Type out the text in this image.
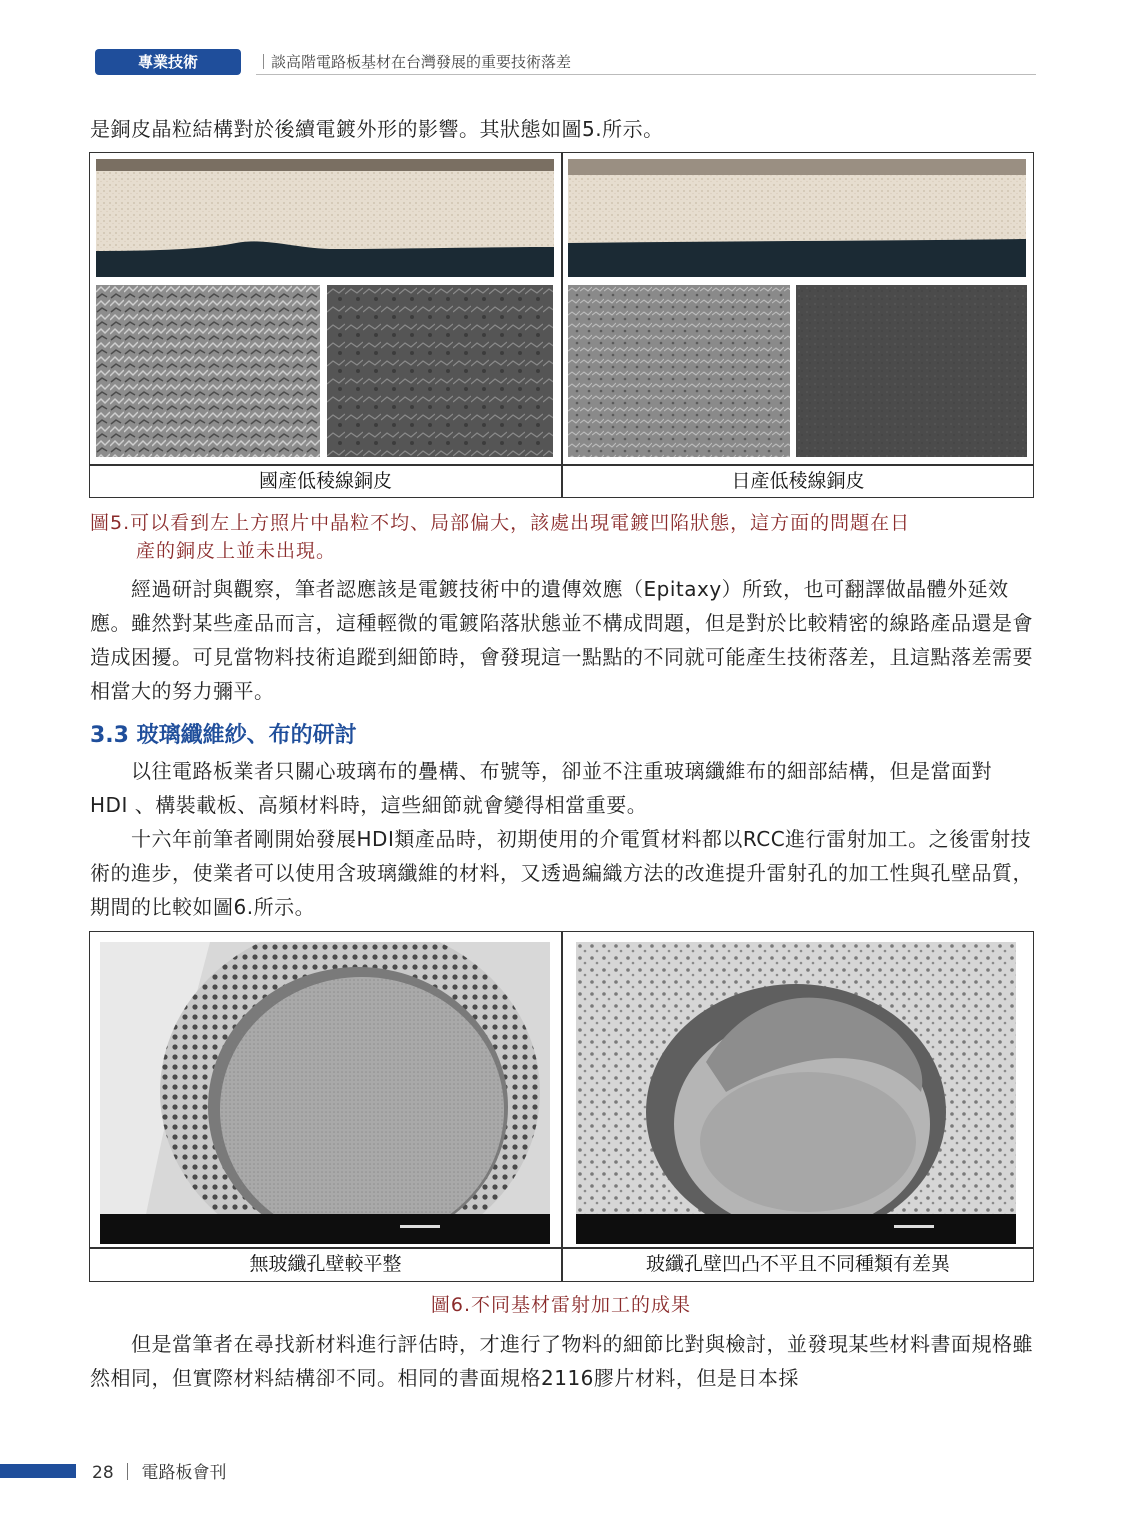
專業技術	｜談高階電路板基材在台灣發展的重要技術落差

是銅皮晶粒結構對於後續電鍍外形的影響。其狀態如圖5.所示。

國產低稜線銅皮	日產低稜線銅皮
圖5.可以看到左上方照片中晶粒不均、局部偏大，該處出現電鍍凹陷狀態，這方面的問題在日
產的銅皮上並未出現。

　　經過研討與觀察，筆者認應該是電鍍技術中的遺傳效應（Epitaxy）所致，也可翻譯做晶體外延效應。雖然對某些產品而言，這種輕微的電鍍陷落狀態並不構成問題，但是對於比較精密的線路產品還是會造成困擾。可見當物料技術追蹤到細節時，會發現這一點點的不同就可能產生技術落差，且這點落差需要相當大的努力彌平。

3.3 玻璃纖維紗、布的研討

　　以往電路板業者只關心玻璃布的疊構、布號等，卻並不注重玻璃纖維布的細部結構，但是當面對 HDI 、構裝載板、高頻材料時，這些細節就會變得相當重要。

　　十六年前筆者剛開始發展HDI類產品時，初期使用的介電質材料都以RCC進行雷射加工。之後雷射技術的進步，使業者可以使用含玻璃纖維的材料，又透過編織方法的改進提升雷射孔的加工性與孔壁品質，期間的比較如圖6.所示。

無玻纖孔壁較平整	玻纖孔壁凹凸不平且不同種類有差異
圖6.不同基材雷射加工的成果

　　但是當筆者在尋找新材料進行評估時，才進行了物料的細節比對與檢討，並發現某些材料書面規格雖然相同，但實際材料結構卻不同。相同的書面規格2116膠片材料，但是日本採

28 ｜ 電路板會刊
